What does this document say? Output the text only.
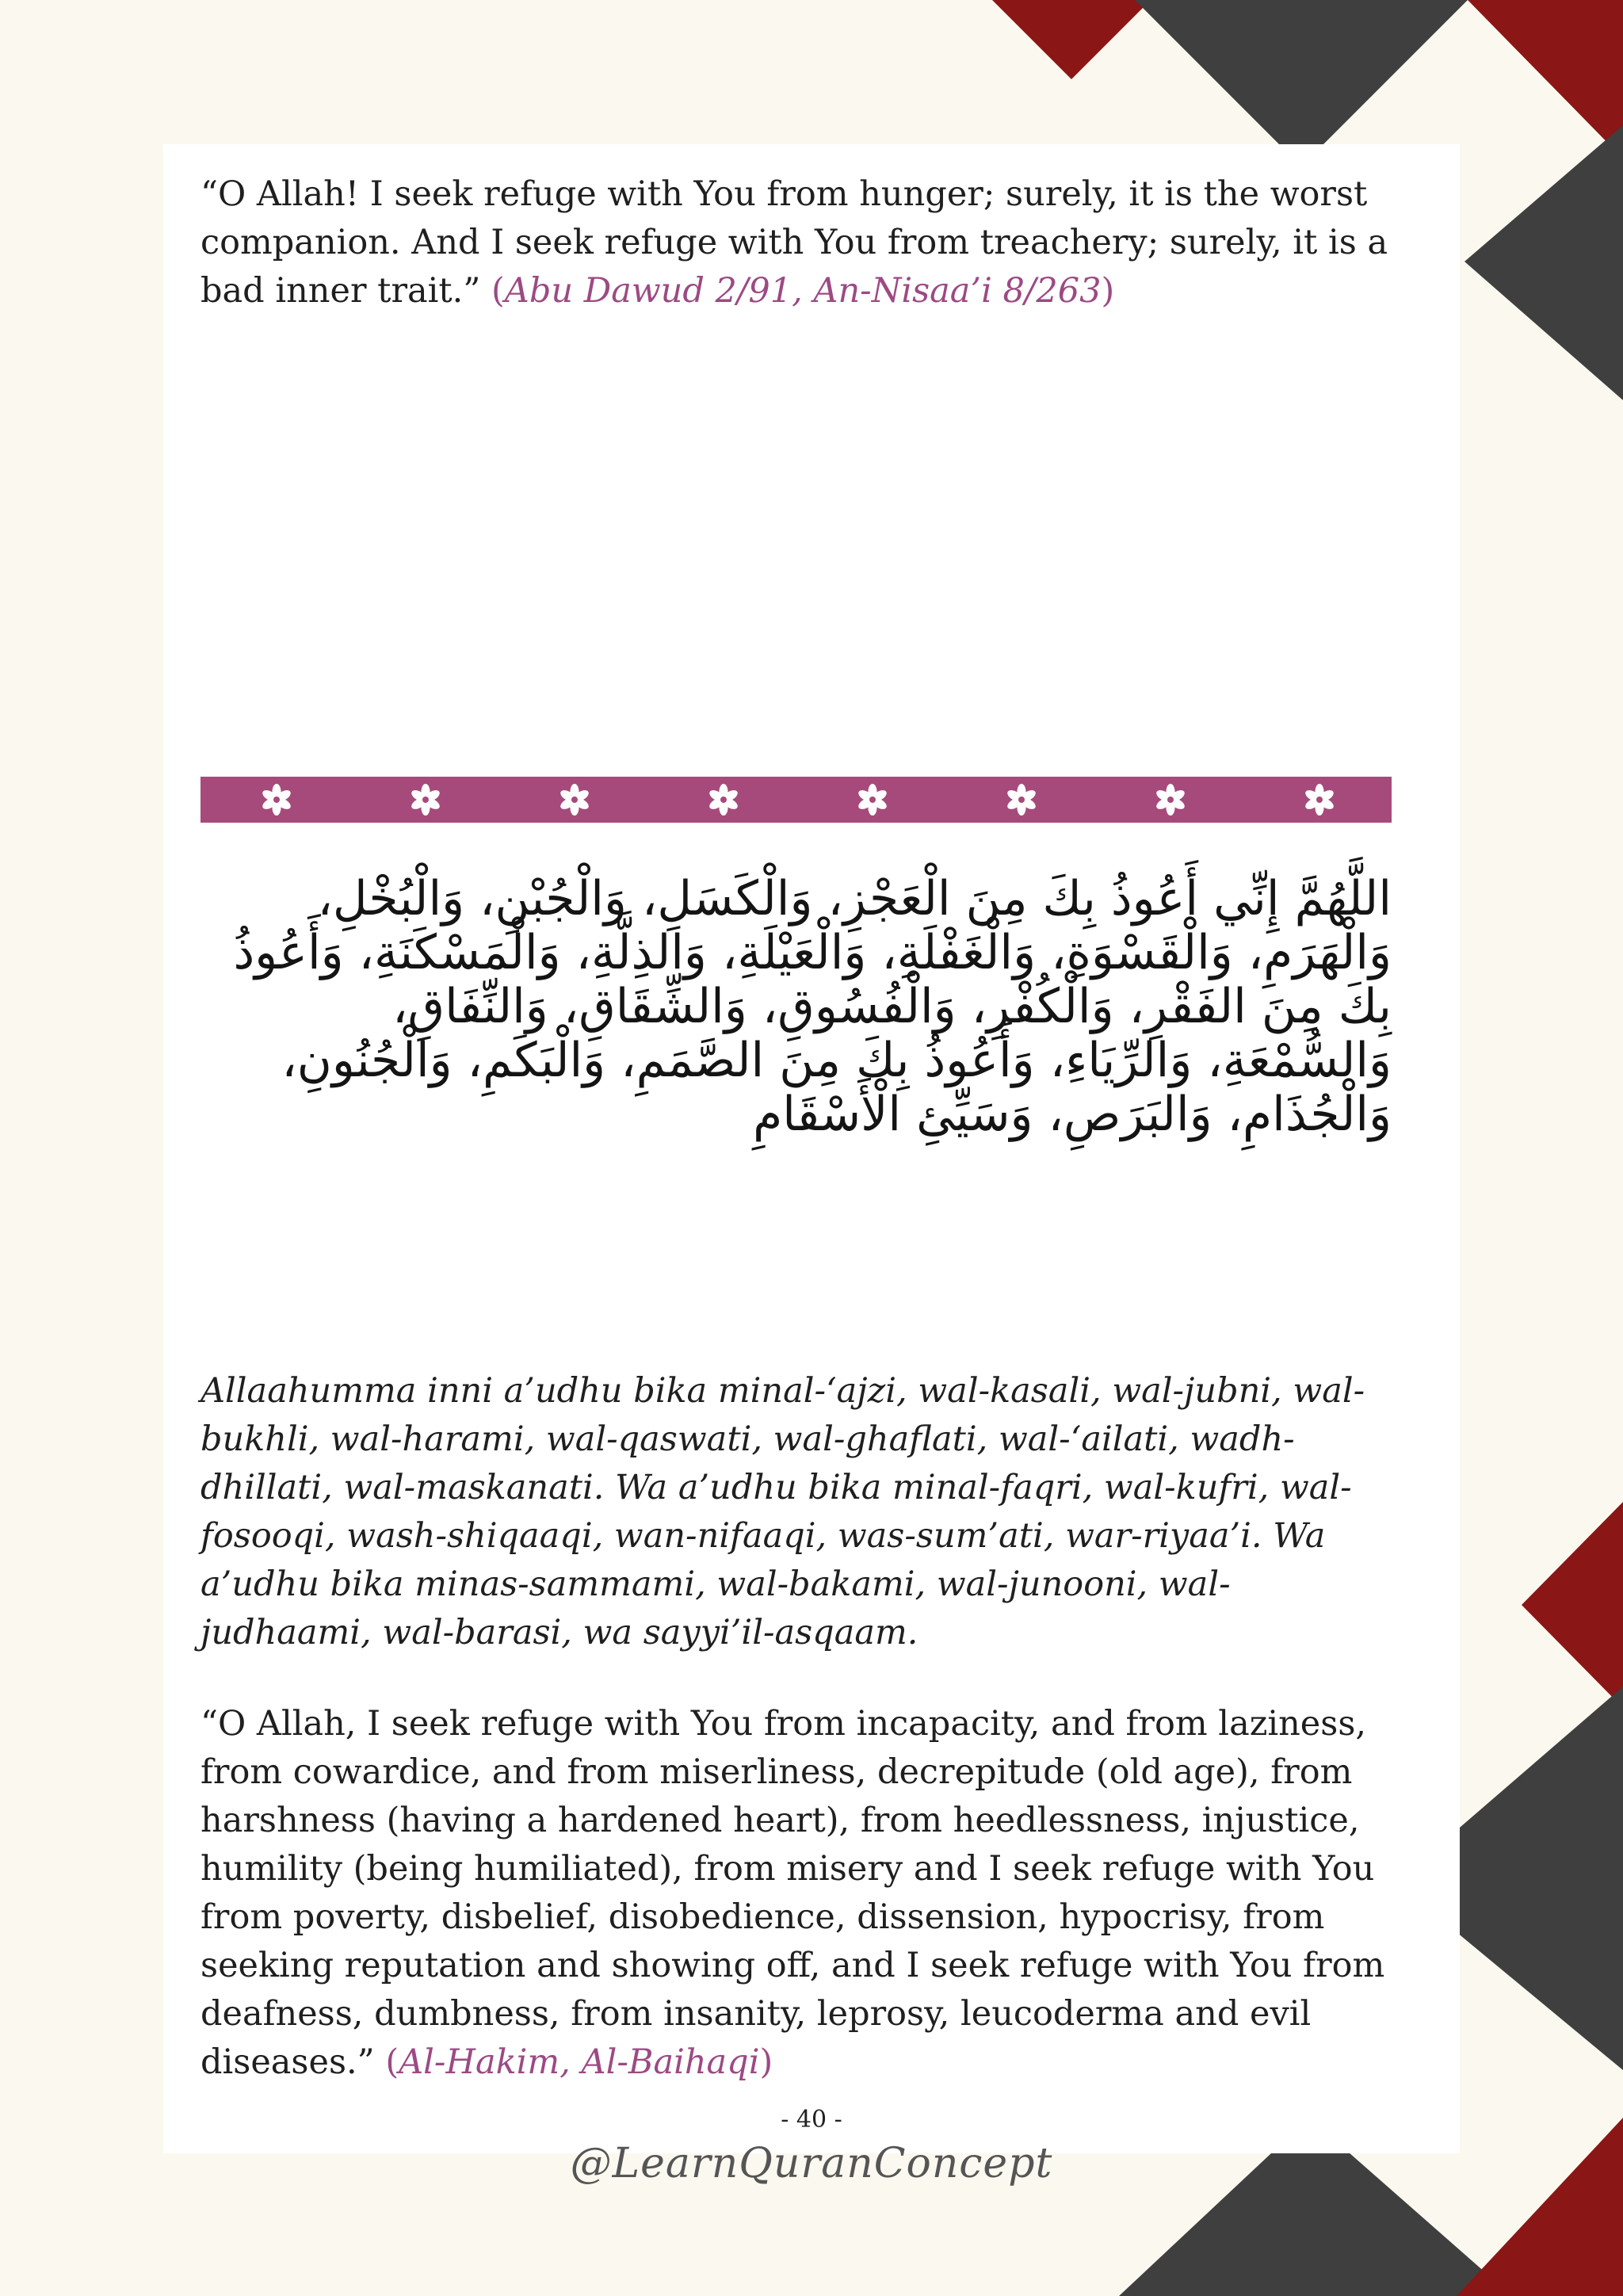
“O Allah! I seek refuge with You from hunger; surely, it is the worst companion. And I seek refuge with You from treachery; surely, it is a bad inner trait.” (Abu Dawud 2/91, An-Nisaa’i 8/263)

اللَّهُمَّ إِنِّي أَعُوذُ بِكَ مِنَ الْعَجْزِ، وَالْكَسَلِ، وَالْجُبْنِ، وَالْبُخْلِ، وَالْهَرَمِ، وَالْقَسْوَةِ، وَالْغَفْلَةِ، وَالْعَيْلَةِ، وَالذِلَّةِ، وَالْمَسْكَنَةِ، وَأَعُوذُ بِكَ مِنَ الفَقْرِ، وَالْكُفْرِ، وَالْفُسُوقِ، وَالشِّقَاقِ، وَالنِّفَاقِ، وَالسُّمْعَةِ، وَالرِّيَاءِ، وَأَعُوذُ بِكَ مِنَ الصَّمَمِ، وَالْبَكَمِ، وَالْجُنُونِ، وَالْجُذَامِ، وَالبَرَصِ، وَسَيِّئِ الْأَسْقَامِ

Allaahumma inni a’udhu bika minal-‘ajzi, wal-kasali, wal-jubni, wal-bukhli, wal-harami, wal-qaswati, wal-ghaflati, wal-‘ailati, wadh-dhillati, wal-maskanati. Wa a’udhu bika minal-faqri, wal-kufri, wal-fosooqi, wash-shiqaaqi, wan-nifaaqi, was-sum’ati, war-riyaa’i. Wa a’udhu bika minas-sammami, wal-bakami, wal-junooni, wal-judhaami, wal-barasi, wa sayyi’il-asqaam.

“O Allah, I seek refuge with You from incapacity, and from laziness, from cowardice, and from miserliness, decrepitude (old age), from harshness (having a hardened heart), from heedlessness, injustice, humility (being humiliated), from misery and I seek refuge with You from poverty, disbelief, disobedience, dissension, hypocrisy, from seeking reputation and showing off, and I seek refuge with You from deafness, dumbness, from insanity, leprosy, leucoderma and evil diseases.” (Al-Hakim, Al-Baihaqi)

- 40 -
@LearnQuranConcept
